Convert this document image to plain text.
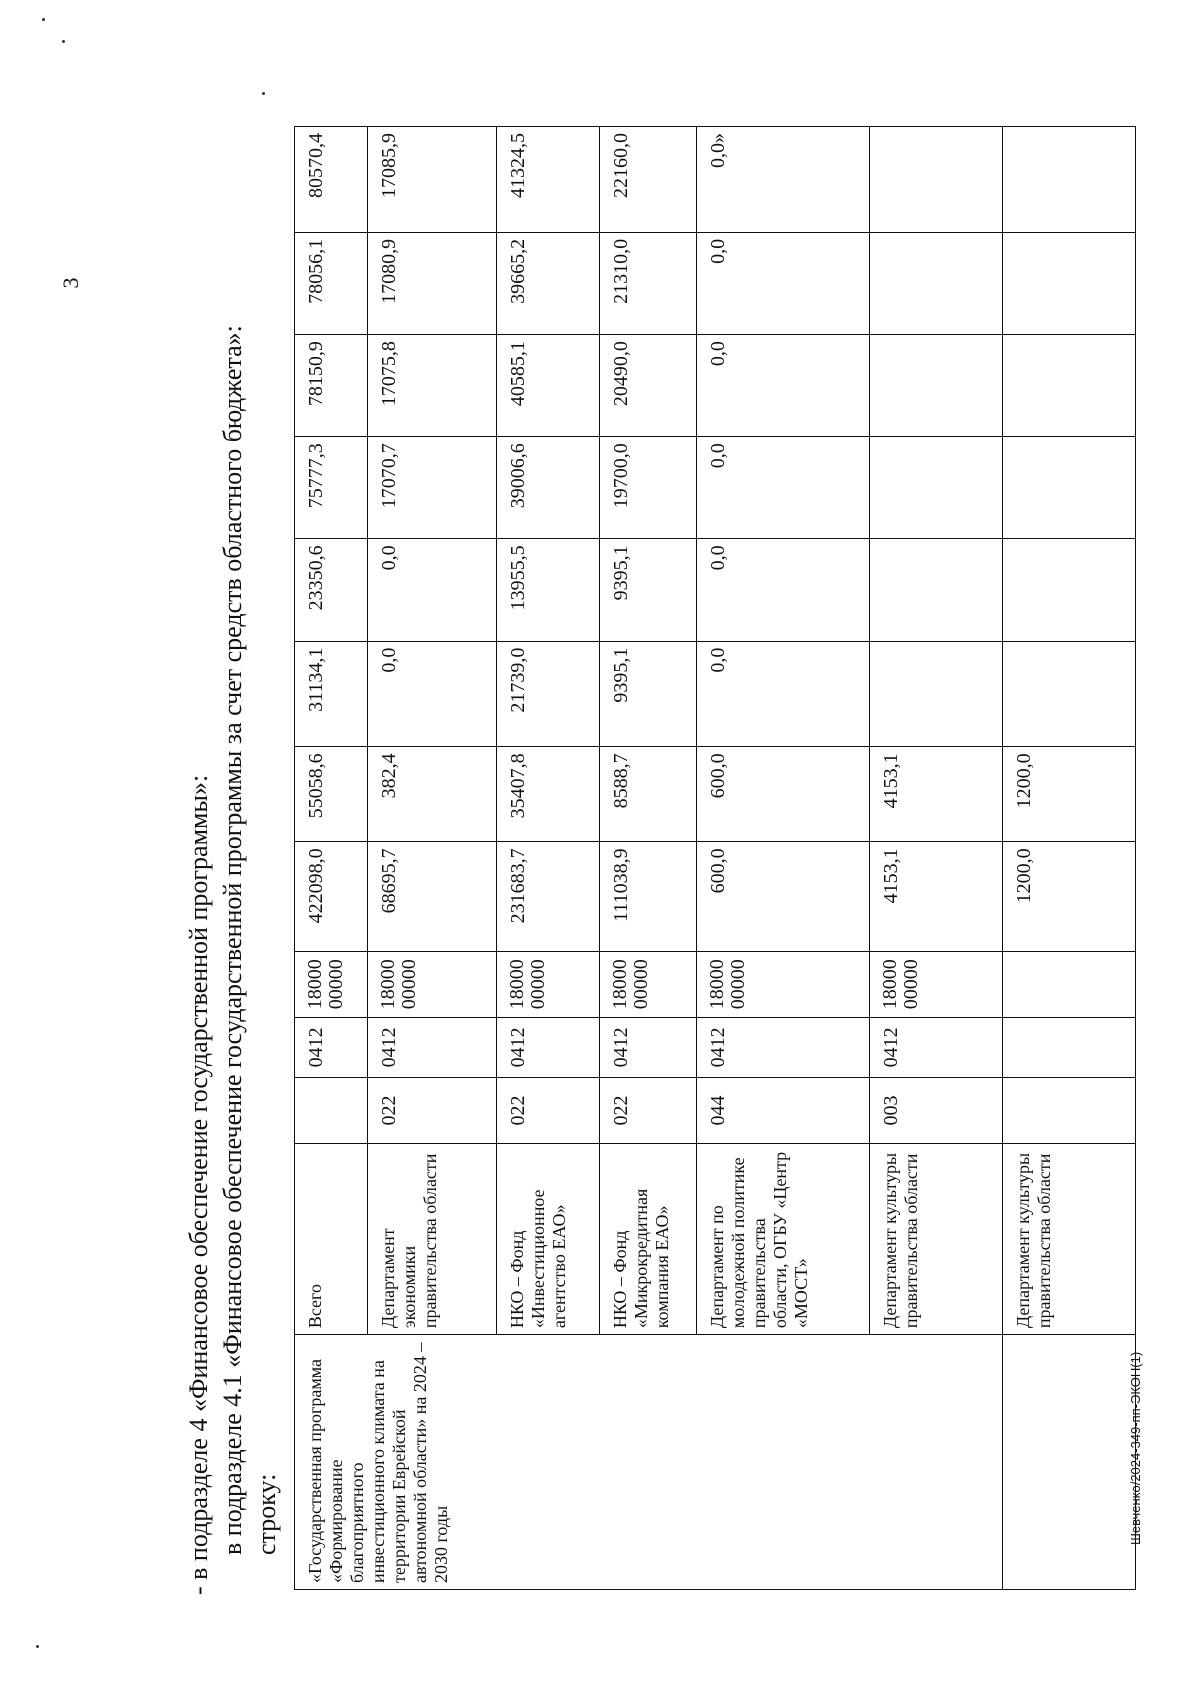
3

- в подразделе 4 «Финансовое обеспечение государственной программы»: в подразделе 4.1 «Финансовое обеспечение государственной программы за счет средств областного бюджета»: строку: «Государственная программа «Формирование благоприятного инвестиционного климата на территории Еврейской автономной области» на 2024 – 2030 годы	Всего		0412	1800000000	422098,0	55058,6	31134,1	23350,6	75777,3	78150,9	78056,1	80570,4
	Департамент экономики правительства области	022	0412	1800000000	68695,7	382,4	0,0	0,0	17070,7	17075,8	17080,9	17085,9
	НКО – Фонд «Инвестиционное агентство ЕАО»	022	0412	1800000000	231683,7	35407,8	21739,0	13955,5	39006,6	40585,1	39665,2	41324,5
	НКО – Фонд «Микрокредитная компания ЕАО»	022	0412	1800000000	111038,9	8588,7	9395,1	9395,1	19700,0	20490,0	21310,0	22160,0
	Департамент по молодежной политике правительства области, ОГБУ «Центр «МОСТ»	044	0412	1800000000	600,0	600,0	0,0	0,0	0,0	0,0	0,0	0,0»
	Департамент культуры правительства области	003	0412	1800000000	4153,1	4153,1						
	Департамент культуры правительства области				1200,0	1200,0						
Шевченко/2024-349-пп-ЭКОН(1)
